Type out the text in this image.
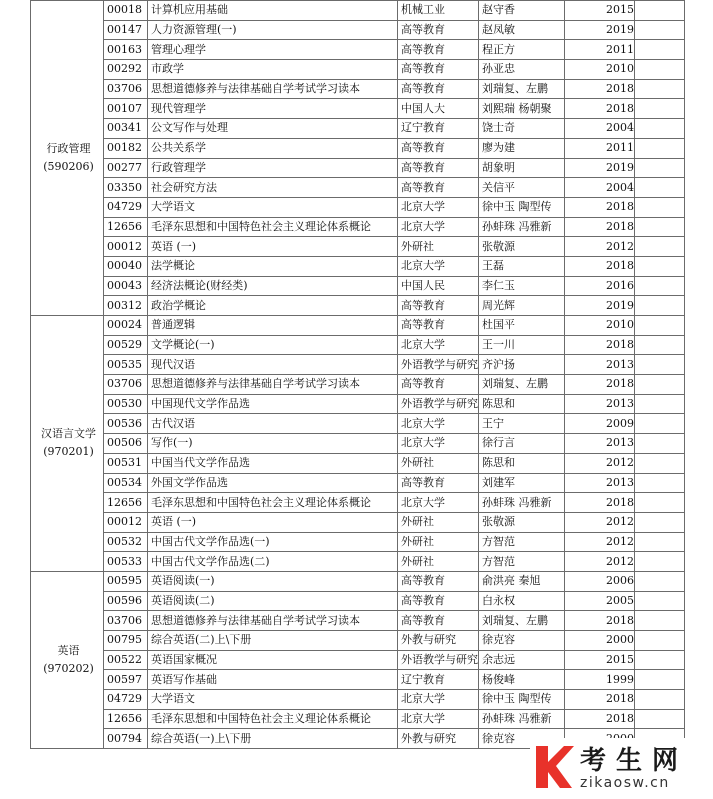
行政管理
(590206)	00018	计算机应用基础	机械工业	赵守香	2015	
	00147	人力资源管理(一)	高等教育	赵凤敏	2019	
	00163	管理心理学	高等教育	程正方	2011	
	00292	市政学	高等教育	孙亚忠	2010	
	03706	思想道德修养与法律基础自学考试学习读本	高等教育	刘瑞复、左鹏	2018	
	00107	现代管理学	中国人大	刘熙瑞 杨朝聚	2018	
	00341	公文写作与处理	辽宁教育	饶士奇	2004	
	00182	公共关系学	高等教育	廖为建	2011	
	00277	行政管理学	高等教育	胡象明	2019	
	03350	社会研究方法	高等教育	关信平	2004	
	04729	大学语文	北京大学	徐中玉 陶型传	2018	
	12656	毛泽东思想和中国特色社会主义理论体系概论	北京大学	孙蚌珠 冯雅新	2018	
	00012	英语 (一)	外研社	张敬源	2012	
	00040	法学概论	北京大学	王磊	2018	
	00043	经济法概论(财经类)	中国人民	李仁玉	2016	
	00312	政治学概论	高等教育	周光辉	2019	

汉语言文学
(970201)	00024	普通逻辑	高等教育	杜国平	2010	
	00529	文学概论(一)	北京大学	王一川	2018	
	00535	现代汉语	外语教学与研究	齐沪扬	2013	
	03706	思想道德修养与法律基础自学考试学习读本	高等教育	刘瑞复、左鹏	2018	
	00530	中国现代文学作品选	外语教学与研究	陈思和	2013	
	00536	古代汉语	北京大学	王宁	2009	
	00506	写作(一)	北京大学	徐行言	2013	
	00531	中国当代文学作品选	外研社	陈思和	2012	
	00534	外国文学作品选	高等教育	刘建军	2013	
	12656	毛泽东思想和中国特色社会主义理论体系概论	北京大学	孙蚌珠 冯雅新	2018	
	00012	英语 (一)	外研社	张敬源	2012	
	00532	中国古代文学作品选(一)	外研社	方智范	2012	
	00533	中国古代文学作品选(二)	外研社	方智范	2012	

英语
(970202)	00595	英语阅读(一)	高等教育	俞洪亮 秦旭	2006	
	00596	英语阅读(二)	高等教育	白永权	2005	
	03706	思想道德修养与法律基础自学考试学习读本	高等教育	刘瑞复、左鹏	2018	
	00795	综合英语(二)上\下册	外教与研究	徐克容	2000	
	00522	英语国家概况	外语教学与研究	余志远	2015	
	00597	英语写作基础	辽宁教育	杨俊峰	1999	
	04729	大学语文	北京大学	徐中玉 陶型传	2018	
	12656	毛泽东思想和中国特色社会主义理论体系概论	北京大学	孙蚌珠 冯雅新	2018	
	00794	综合英语(一)上\下册	外教与研究	徐克容		
考生网
zikaosw.cn
